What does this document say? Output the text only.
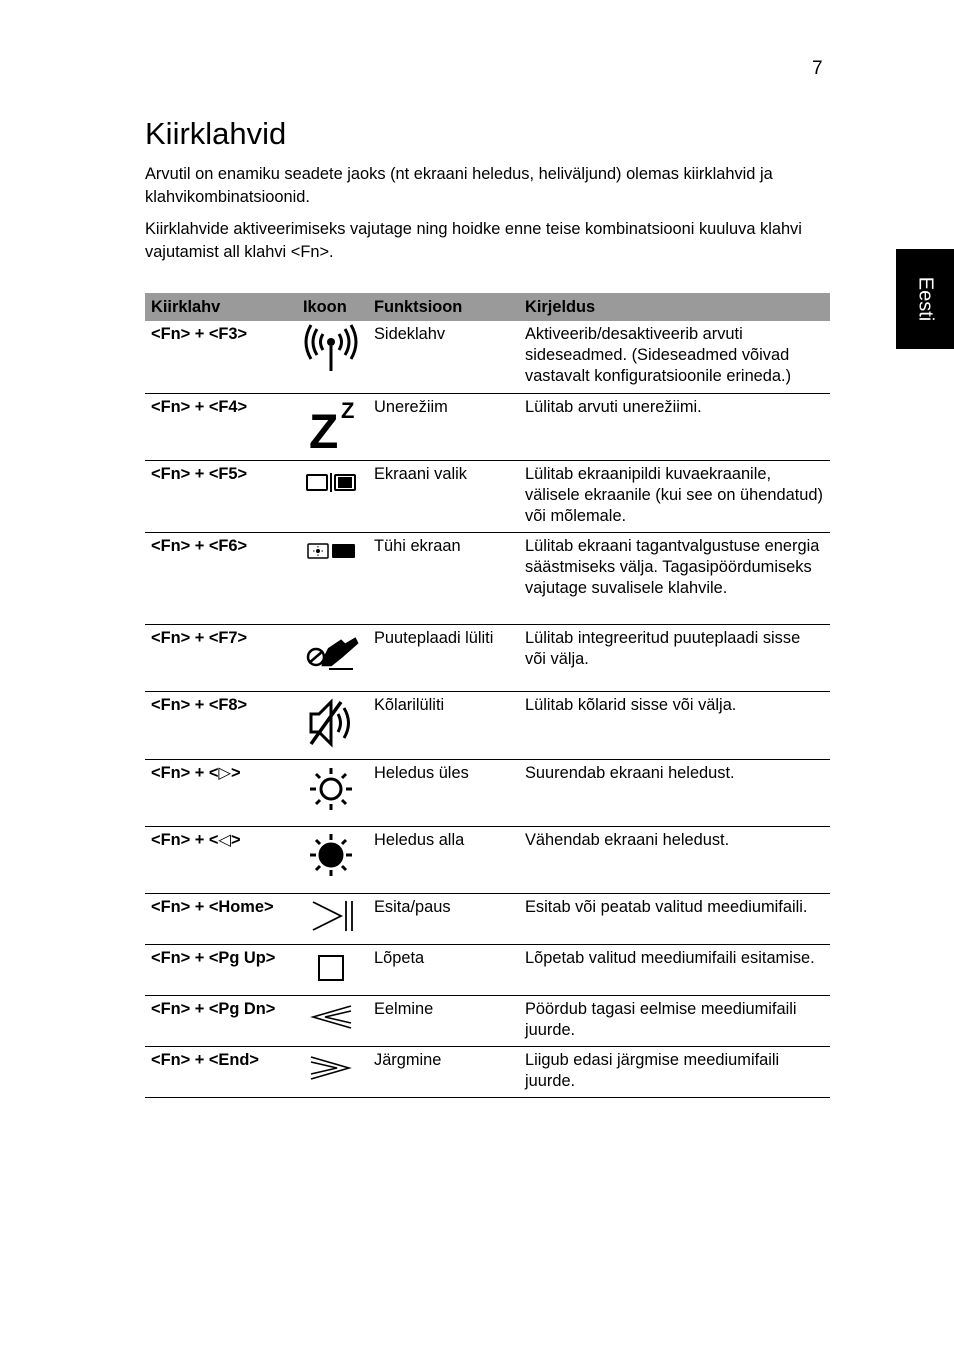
7
Eesti
Kiirklahvid

Arvutil on enamiku seadete jaoks (nt ekraani heledus, heliväljund) olemas kiirklahvid ja klahvikombinatsioonid.

Kiirklahvide aktiveerimiseks vajutage ning hoidke enne teise kombinatsiooni kuuluva klahvi vajutamist all klahvi <Fn>.

Kiirklahv	Ikoon	Funktsioon	Kirjeldus
<Fn> + <F3>		Sideklahv	Aktiveerib/desaktiveerib arvuti sideseadmed. (Sideseadmed võivad vastavalt konfiguratsioonile erineda.)
<Fn> + <F4>	Z Z	Unerežiim	Lülitab arvuti unerežiimi.
<Fn> + <F5>		Ekraani valik	Lülitab ekraanipildi kuvaekraanile, välisele ekraanile (kui see on ühendatud) või mõlemale.
<Fn> + <F6>		Tühi ekraan	Lülitab ekraani tagantvalgustuse energia säästmiseks välja. Tagasipöördumiseks vajutage suvalisele klahvile.
<Fn> + <F7>		Puuteplaadi lüliti	Lülitab integreeritud puuteplaadi sisse või välja.
<Fn> + <F8>		Kõlarilüliti	Lülitab kõlarid sisse või välja.
<Fn> + <▷>		Heledus üles	Suurendab ekraani heledust.
<Fn> + <◁>		Heledus alla	Vähendab ekraani heledust.
<Fn> + <Home>		Esita/paus	Esitab või peatab valitud meediumifaili.
<Fn> + <Pg Up>		Lõpeta	Lõpetab valitud meediumifaili esitamise.
<Fn> + <Pg Dn>		Eelmine	Pöördub tagasi eelmise meediumifaili juurde.
<Fn> + <End>		Järgmine	Liigub edasi järgmise meediumifaili juurde.
